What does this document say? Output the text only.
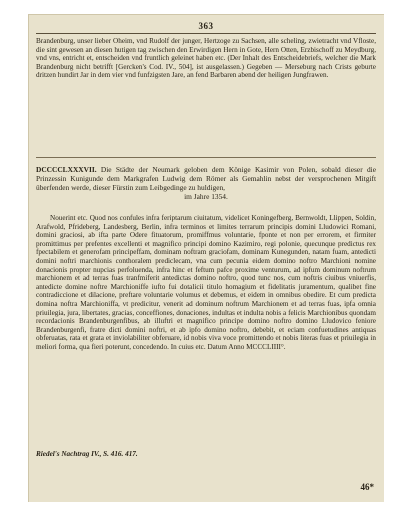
363
Brandenburg, unser lieber Oheim, vnd Rudolf der junger, Hertzoge zu Sachsen, alle scheling, zwietracht vnd Vfloste, die sint gewesen an diesen hutigen tag zwischen den Erwirdigen Hern in Gote, Hern Otten, Erzbischoff zu Meydburg, vnd vns, entricht et, entscheiden vnd fruntlich geleinet haben etc. (Der Inhalt des Entscheidebriefs, welcher die Mark Brandenburg nicht betrifft [Gercken's Cod. IV., 504], ist ausgelassen.) Gegeben — Merseburg nach Crists geburte dritzen hundirt Jar in dem vier vnd funfzigsten Jare, an fend Barbaren abend der heiligen Jungfrawen.
DCCCCLXXXVII. Die Städte der Neumark geloben dem Könige Kasimir von Polen, sobald dieser die Prinzessin Kunigunde dem Markgrafen Ludwig dem Römer als Gemahlin nebst der versprochenen Mitgift überfenden werde, dieser Fürstin zum Leibgedinge zu huldigen,
im Jahre 1354.
Nouerint etc. Quod nos confules infra feriptarum ciuitatum, videlicet Koningefberg, Bernwoldt, Llippen, Soldin, Arafwold, Pfrideberg, Landesberg, Berlin, infra terminos et limites terrarum principis domini Lludowici Romani, domini graciosi, ab ifta parte Odere fituatorum, promiffmus voluntarie, fponte et non per errorem, et firmiter promittimus per prefentes excellenti et magnifico principi domino Kazimiro, regi polonie, quecunque predictus rex fpectabilem et generofam principeffam, dominam noftram graciofam, dominam Kunegunden, natam fuam, antedicti domini noftri marchionis conthoralem prediclecam, vna cum pecunia eidem domino noftro Marchioni nomine donacionis propter nupcias perfoluenda, infra hinc et feftum pafce proxime venturum, ad ipfum dominum noftrum marchionem et ad terras fuas tranfmiferit antedictas domino noftro, quod tunc nos, cum noftris ciuibus vniuerfis, antedicte domine noftre Marchioniffe iufto fui dotalicii titulo homagium et fidelitatis juramentum, qualibet fine contradiccione et dilacione, preftare voluntarie volumus et debemus, et eidem in omnibus obedire. Et cum predicta domina noftra Marchioniffa, vt predicitur, venerit ad dominum noftrum Marchionem et ad terras fuas, ipfa omnia priuilegia, jura, libertates, gracias, conceffiones, donaciones, indultas et indulta nobis a felicis Marchionibus quondam recordacionis Brandenburgenfibus, ab illuftri et magnifico principe domino noftro domino Lludovico feniore Brandenburgenfi, fratre dicti domini noftri, et ab ipfo domino noftro, debebit, et eciam confuetudines antiquas obferuatas, rata et grata et inviolabiliter obferuare, id nobis viva voce promittendo et nobis literas fuas et priuilegia in meliori forma, qua fieri poterunt, concedendo. In cuius etc. Datum Anno MCCCLIIII°.
Riedel's Nachtrag IV., S. 416. 417.
46*
